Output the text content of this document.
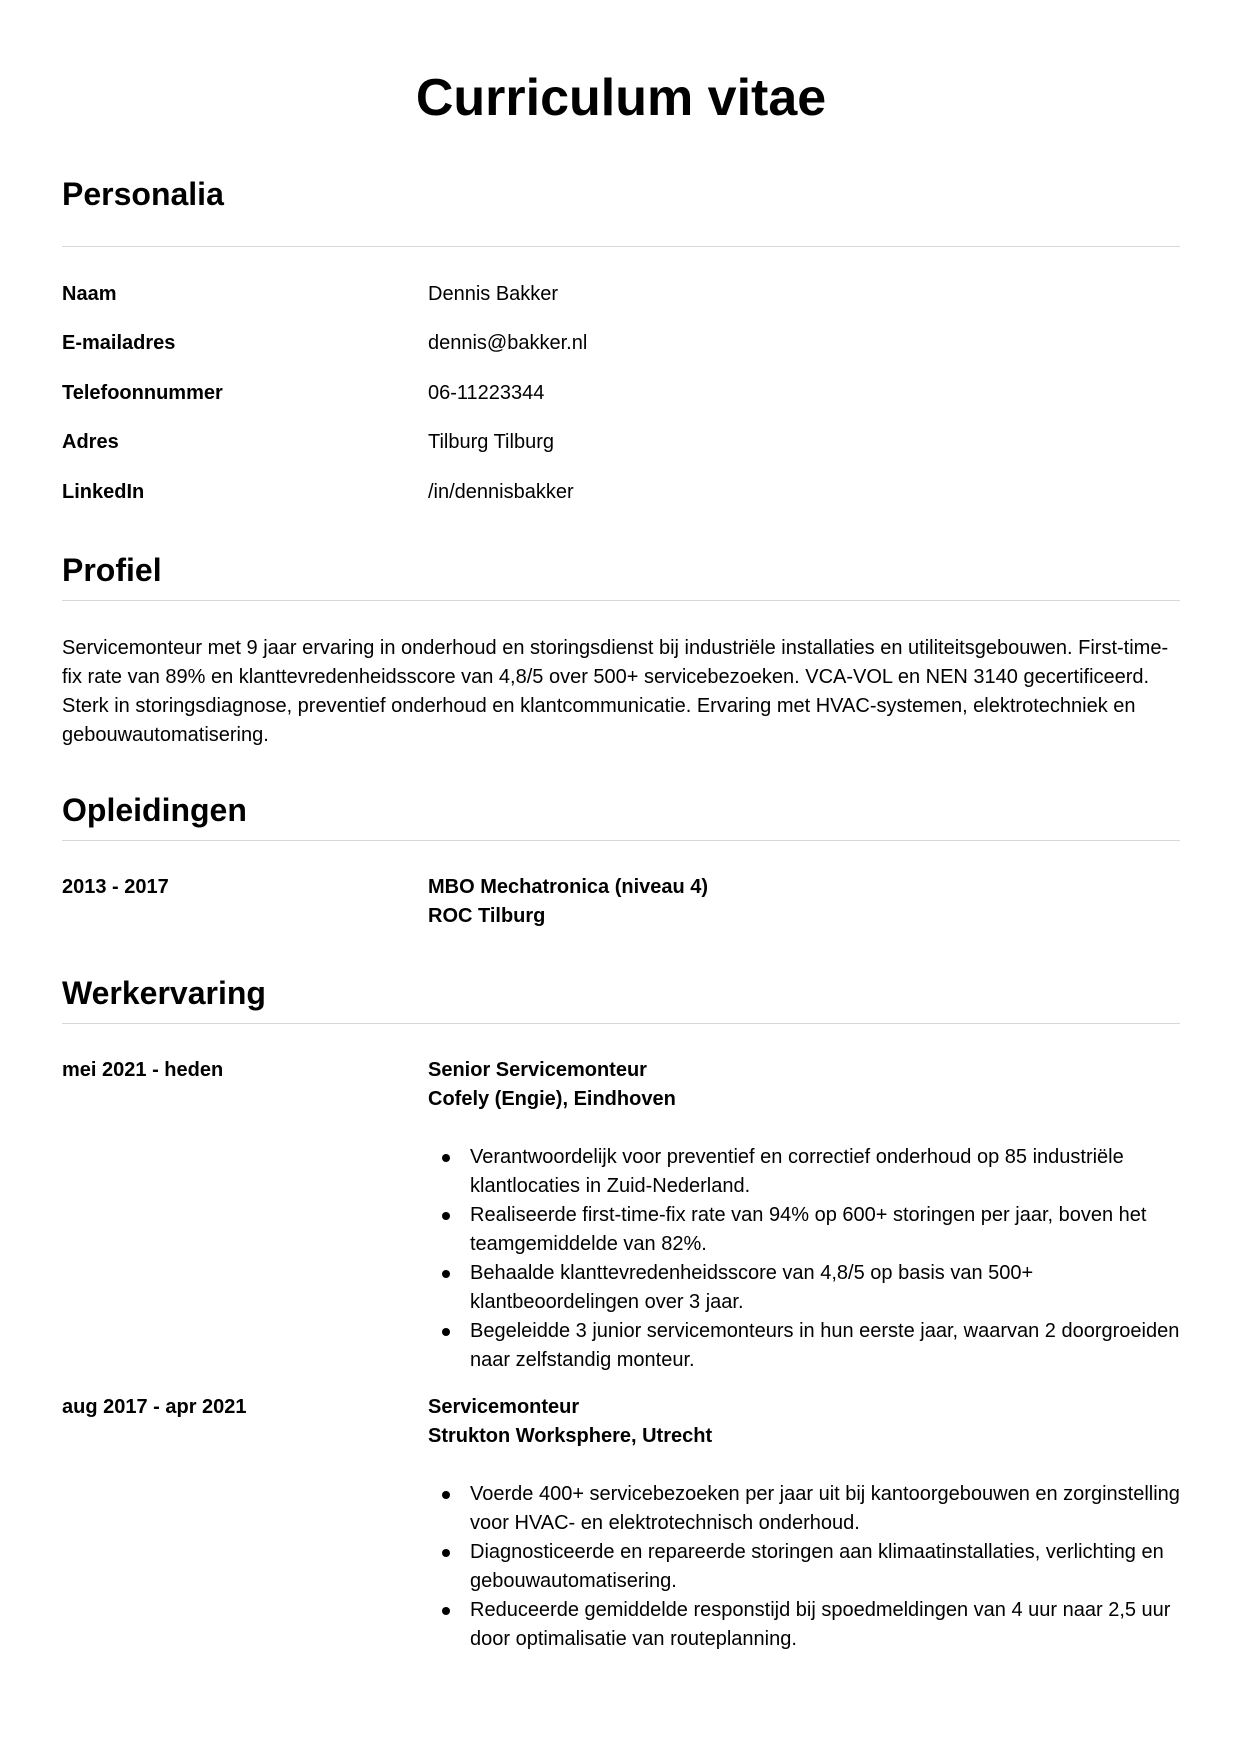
Curriculum vitae
Personalia
Naam	Dennis Bakker
E-mailadres	dennis@bakker.nl
Telefoonnummer	06-11223344
Adres	Tilburg Tilburg
LinkedIn	/in/dennisbakker
Profiel

Servicemonteur met 9 jaar ervaring in onderhoud en storingsdienst bij industriële installaties en utiliteitsgebouwen. First-time-fix rate van 89% en klanttevredenheidsscore van 4,8/5 over 500+ servicebezoeken. VCA-VOL en NEN 3140 gecertificeerd. Sterk in storingsdiagnose, preventief onderhoud en klantcommunicatie. Ervaring met HVAC-systemen, elektrotechniek en gebouwautomatisering.

Opleidingen
2013 - 2017	MBO Mechatronica (niveau 4)
ROC Tilburg
Werkervaring
mei 2021 - heden	Senior Servicemonteur
Cofely (Engie), Eindhoven
Verantwoordelijk voor preventief en correctief onderhoud op 85 industriële klantlocaties in Zuid-Nederland.
Realiseerde first-time-fix rate van 94% op 600+ storingen per jaar, boven het teamgemiddelde van 82%.
Behaalde klanttevredenheidsscore van 4,8/5 op basis van 500+ klantbeoordelingen over 3 jaar.
Begeleidde 3 junior servicemonteurs in hun eerste jaar, waarvan 2 doorgroeiden naar zelfstandig monteur.
aug 2017 - apr 2021	Servicemonteur
Strukton Worksphere, Utrecht
Voerde 400+ servicebezoeken per jaar uit bij kantoorgebouwen en zorginstelling voor HVAC- en elektrotechnisch onderhoud.
Diagnosticeerde en repareerde storingen aan klimaatinstallaties, verlichting en gebouwautomatisering.
Reduceerde gemiddelde responstijd bij spoedmeldingen van 4 uur naar 2,5 uur door optimalisatie van routeplanning.
